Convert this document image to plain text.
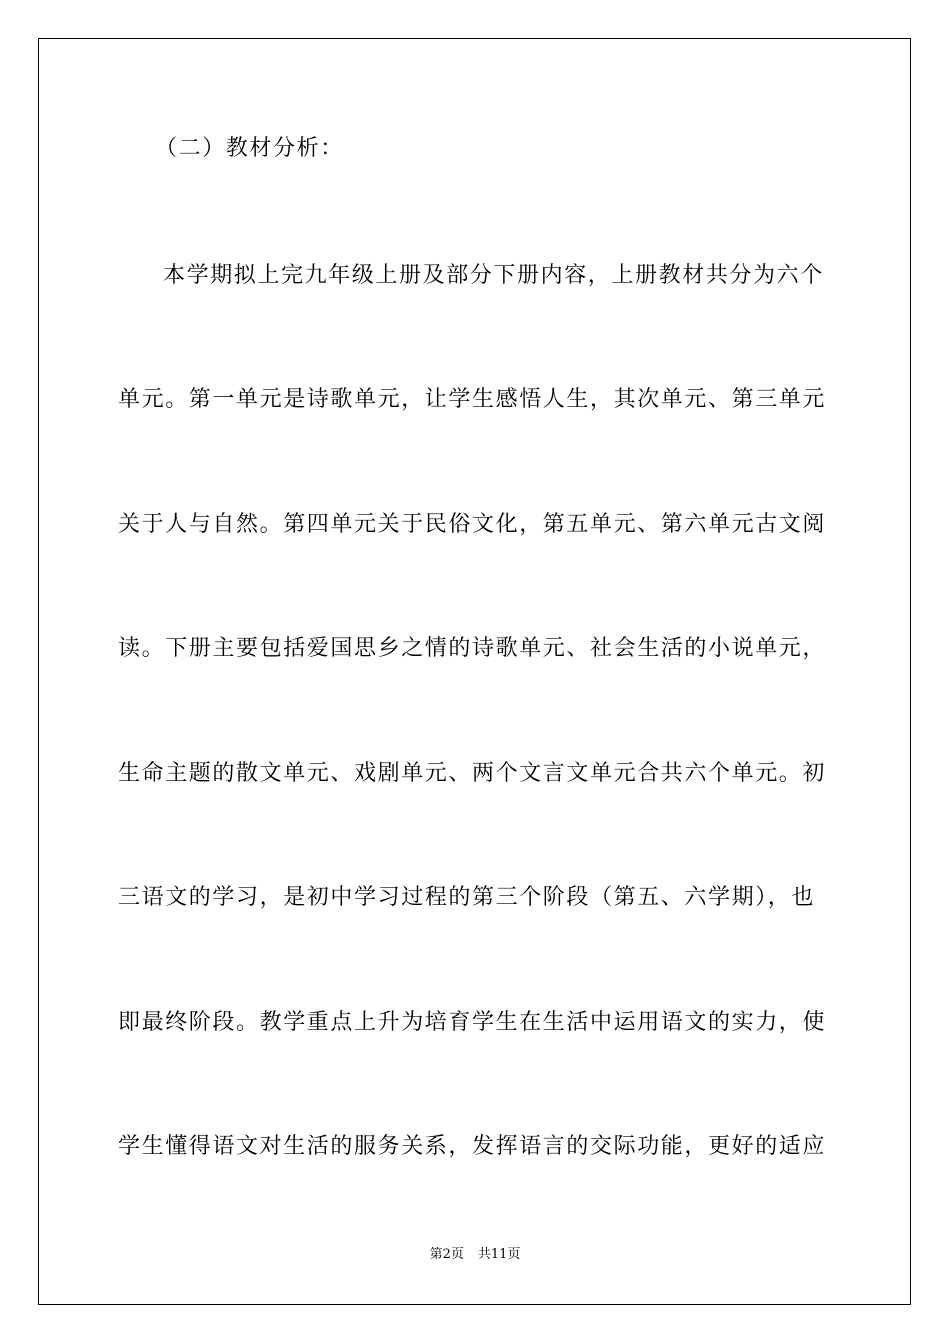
（二）教材分析：
本学期拟上完九年级上册及部分下册内容，上册教材共分为六个
单元。第一单元是诗歌单元，让学生感悟人生，其次单元、第三单元
关于人与自然。第四单元关于民俗文化，第五单元、第六单元古文阅
读。下册主要包括爱国思乡之情的诗歌单元、社会生活的小说单元，
生命主题的散文单元、戏剧单元、两个文言文单元合共六个单元。初
三语文的学习，是初中学习过程的第三个阶段（第五、六学期），也
即最终阶段。教学重点上升为培育学生在生活中运用语文的实力，使
学生懂得语文对生活的服务关系，发挥语言的交际功能，更好的适应
第2页 共11页
